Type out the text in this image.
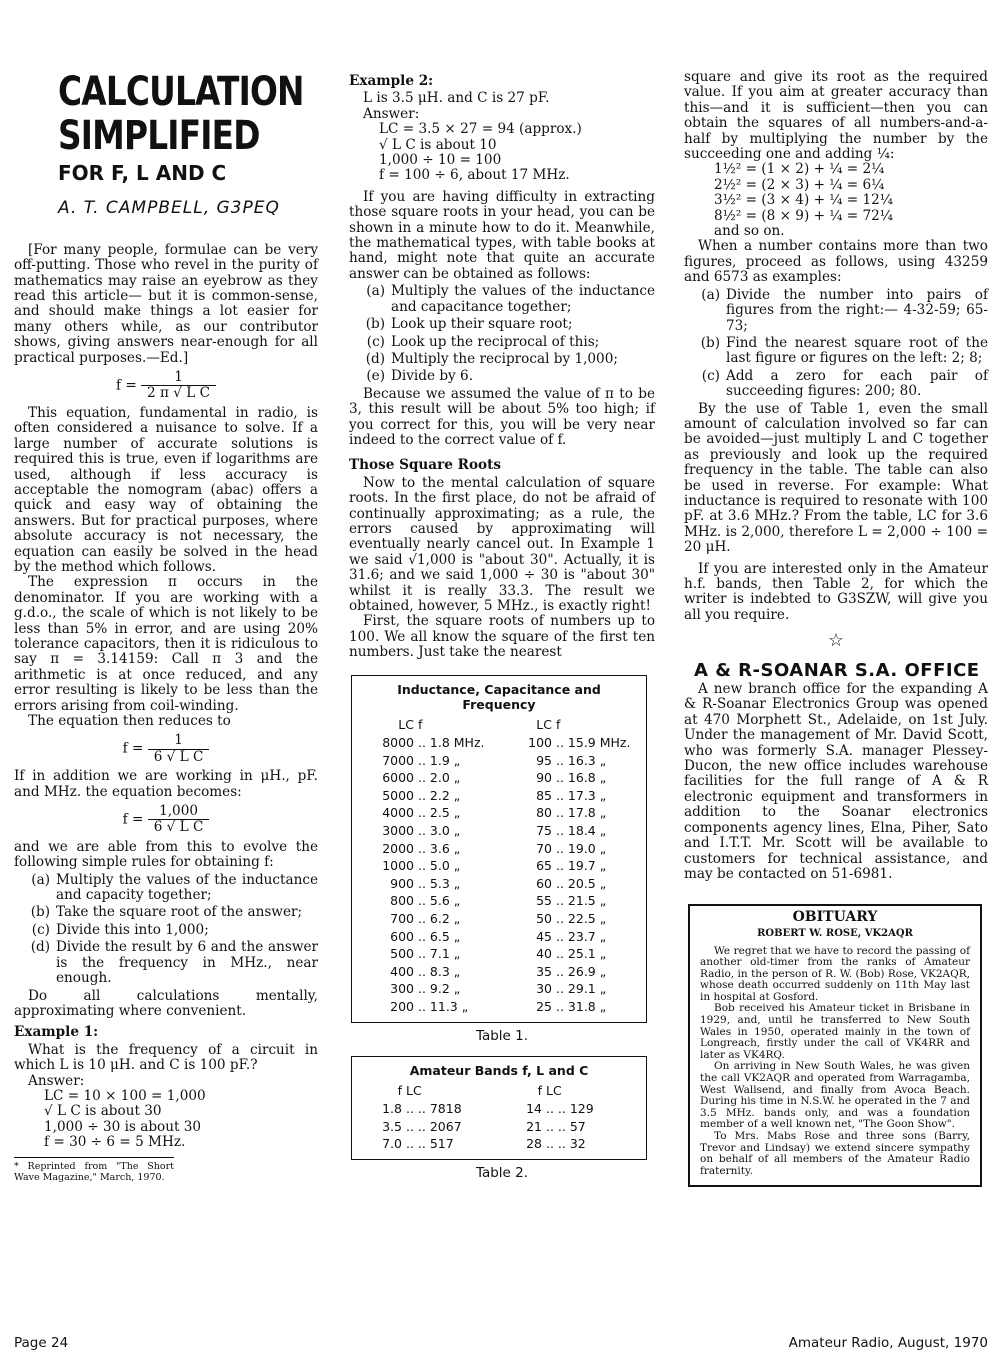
CALCULATION
SIMPLIFIED
FOR F, L AND C
A. T. CAMPBELL, G3PEQ

[For many people, formulae can be very off-putting. Those who revel in the purity of mathematics may raise an eyebrow as they read this article— but it is common-sense, and should make things a lot easier for many others while, as our contributor shows, giving answers near-enough for all practical purposes.—Ed.]

$f = \frac{1}{\text{2 π √ L C}}$

This equation, fundamental in radio, is often considered a nuisance to solve. If a large number of accurate solutions is required this is true, even if logarithms are used, although if less accuracy is acceptable the nomogram (abac) offers a quick and easy way of obtaining the answers. But for practical purposes, where absolute accuracy is not necessary, the equation can easily be solved in the head by the method which follows.

The expression π occurs in the denominator. If you are working with a g.d.o., the scale of which is not likely to be less than 5% in error, and are using 20% tolerance capacitors, then it is ridiculous to say π = 3.14159: Call π 3 and the arithmetic is at once reduced, and any error resulting is likely to be less than the errors arising from coil-winding.

The equation then reduces to

$f = \frac{1}{\text{6 √ L C}}$

If in addition we are working in μH., pF. and MHz. the equation becomes:

$f = \frac{1,000}{\text{6 √ L C}}$

and we are able from this to evolve the following simple rules for obtaining f:

(a) Multiply the values of the inductance and capacity together;
(b) Take the square root of the answer;
(c) Divide this into 1,000;
(d) Divide the result by 6 and the answer is the frequency in MHz., near enough.

Do all calculations mentally, approximating where convenient.

Example 1:

What is the frequency of a circuit in which L is 10 μH. and C is 100 pF.?

Answer:

LC = 10 × 100 = 1,000

√ L C is about 30

1,000 ÷ 30 is about 30

f = 30 ÷ 6 = 5 MHz.

* Reprinted from "The Short Wave Magazine," March, 1970.
Example 2:

L is 3.5 μH. and C is 27 pF.

Answer:

LC = 3.5 × 27 = 94 (approx.)

√ L C is about 10

1,000 ÷ 10 = 100

f = 100 ÷ 6, about 17 MHz.

If you are having difficulty in extracting those square roots in your head, you can be shown in a minute how to do it. Meanwhile, the mathematical types, with table books at hand, might note that quite an accurate answer can be obtained as follows:

(a) Multiply the values of the inductance and capacitance together;
(b) Look up their square root;
(c) Look up the reciprocal of this;
(d) Multiply the reciprocal by 1,000;
(e) Divide by 6.

Because we assumed the value of π to be 3, this result will be about 5% too high; if you correct for this, you will be very near indeed to the correct value of f.

Those Square Roots

Now to the mental calculation of square roots. In the first place, do not be afraid of continually approximating; as a rule, the errors caused by approximating will eventually nearly cancel out. In Example 1 we said √1,000 is "about 30". Actually, it is 31.6; and we said 1,000 ÷ 30 is "about 30" whilst it is really 33.3. The result we obtained, however, 5 MHz., is exactly right!

First, the square roots of numbers up to 100. We all know the square of the first ten numbers. Just take the nearest

Inductance, Capacitance and Frequency
LC f	LC f
8000 .. 1.8 MHz.	100 .. 15.9 MHz.
7000 .. 1.9 „	95 .. 16.3 „
6000 .. 2.0 „	90 .. 16.8 „
5000 .. 2.2 „	85 .. 17.3 „
4000 .. 2.5 „	80 .. 17.8 „
3000 .. 3.0 „	75 .. 18.4 „
2000 .. 3.6 „	70 .. 19.0 „
1000 .. 5.0 „	65 .. 19.7 „
900 .. 5.3 „	60 .. 20.5 „
800 .. 5.6 „	55 .. 21.5 „
700 .. 6.2 „	50 .. 22.5 „
600 .. 6.5 „	45 .. 23.7 „
500 .. 7.1 „	40 .. 25.1 „
400 .. 8.3 „	35 .. 26.9 „
300 .. 9.2 „	30 .. 29.1 „
200 .. 11.3 „	25 .. 31.8 „
Table 1.
Amateur Bands f, L and C
f LC	f LC
1.8 .. .. 7818	14 .. .. 129
3.5 .. .. 2067	21 .. .. 57
7.0 .. .. 517	28 .. .. 32
Table 2.

square and give its root as the required value. If you aim at greater accuracy than this—and it is sufficient—then you can obtain the squares of all numbers-and-a-half by multiplying the number by the succeeding one and adding ¼:

1½² = (1 × 2) + ¼ = 2¼

2½² = (2 × 3) + ¼ = 6¼

3½² = (3 × 4) + ¼ = 12¼

8½² = (8 × 9) + ¼ = 72¼

and so on.

When a number contains more than two figures, proceed as follows, using 43259 and 6573 as examples:

(a) Divide the number into pairs of figures from the right:— 4-32-59; 65-73;
(b) Find the nearest square root of the last figure or figures on the left: 2; 8;
(c) Add a zero for each pair of succeeding figures: 200; 80.

By the use of Table 1, even the small amount of calculation involved so far can be avoided—just multiply L and C together as previously and look up the required frequency in the table. The table can also be used in reverse. For example: What inductance is required to resonate with 100 pF. at 3.6 MHz.? From the table, LC for 3.6 MHz. is 2,000, therefore L = 2,000 ÷ 100 = 20 μH.

If you are interested only in the Amateur h.f. bands, then Table 2, for which the writer is indebted to G3SZW, will give you all you require.

☆
A & R-SOANAR S.A. OFFICE

A new branch office for the expanding A & R-Soanar Electronics Group was opened at 470 Morphett St., Adelaide, on 1st July. Under the management of Mr. David Scott, who was formerly S.A. manager Plessey-Ducon, the new office includes warehouse facilities for the full range of A & R electronic equipment and transformers in addition to the Soanar electronics components agency lines, Elna, Piher, Sato and I.T.T. Mr. Scott will be available to customers for technical assistance, and may be contacted on 51-6981.

OBITUARY
ROBERT W. ROSE, VK2AQR

We regret that we have to record the passing of another old-timer from the ranks of Amateur Radio, in the person of R. W. (Bob) Rose, VK2AQR, whose death occurred suddenly on 11th May last in hospital at Gosford.

Bob received his Amateur ticket in Brisbane in 1929, and, until he transferred to New South Wales in 1950, operated mainly in the town of Longreach, firstly under the call of VK4RR and later as VK4RQ.

On arriving in New South Wales, he was given the call VK2AQR and operated from Warragamba, West Wallsend, and finally from Avoca Beach. During his time in N.S.W. he operated in the 7 and 3.5 MHz. bands only, and was a foundation member of a well known net, "The Goon Show".

To Mrs. Mabs Rose and three sons (Barry, Trevor and Lindsay) we extend sincere sympathy on behalf of all members of the Amateur Radio fraternity.

Page 24	Amateur Radio, August, 1970
